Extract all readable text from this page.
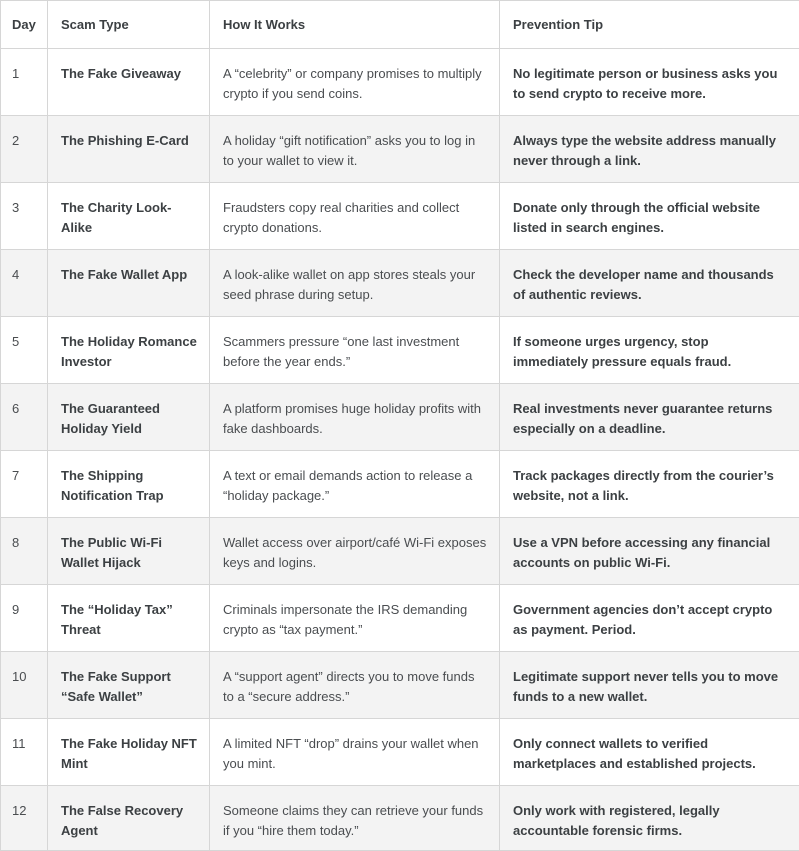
Day	Scam Type	How It Works	Prevention Tip
1	The Fake Giveaway	A “celebrity” or company promises to multiply crypto if you send coins.	No legitimate person or business asks you to send crypto to receive more.
2	The Phishing E-Card	A holiday “gift notification” asks you to log in to your wallet to view it.	Always type the website address manually never through a link.
3	The Charity Look-Alike	Fraudsters copy real charities and collect crypto donations.	Donate only through the official website listed in search engines.
4	The Fake Wallet App	A look-alike wallet on app stores steals your seed phrase during setup.	Check the developer name and thousands of authentic reviews.
5	The Holiday Romance Investor	Scammers pressure “one last investment before the year ends.”	If someone urges urgency, stop immediately pressure equals fraud.
6	The Guaranteed Holiday Yield	A platform promises huge holiday profits with fake dashboards.	Real investments never guarantee returns especially on a deadline.
7	The Shipping Notification Trap	A text or email demands action to release a “holiday package.”	Track packages directly from the courier’s website, not a link.
8	The Public Wi-Fi Wallet Hijack	Wallet access over airport/café Wi-Fi exposes keys and logins.	Use a VPN before accessing any financial accounts on public Wi-Fi.
9	The “Holiday Tax” Threat	Criminals impersonate the IRS demanding crypto as “tax payment.”	Government agencies don’t accept crypto as payment. Period.
10	The Fake Support “Safe Wallet”	A “support agent” directs you to move funds to a “secure address.”	Legitimate support never tells you to move funds to a new wallet.
11	The Fake Holiday NFT Mint	A limited NFT “drop” drains your wallet when you mint.	Only connect wallets to verified marketplaces and established projects.
12	The False Recovery Agent	Someone claims they can retrieve your funds if you “hire them today.”	Only work with registered, legally accountable forensic firms.
